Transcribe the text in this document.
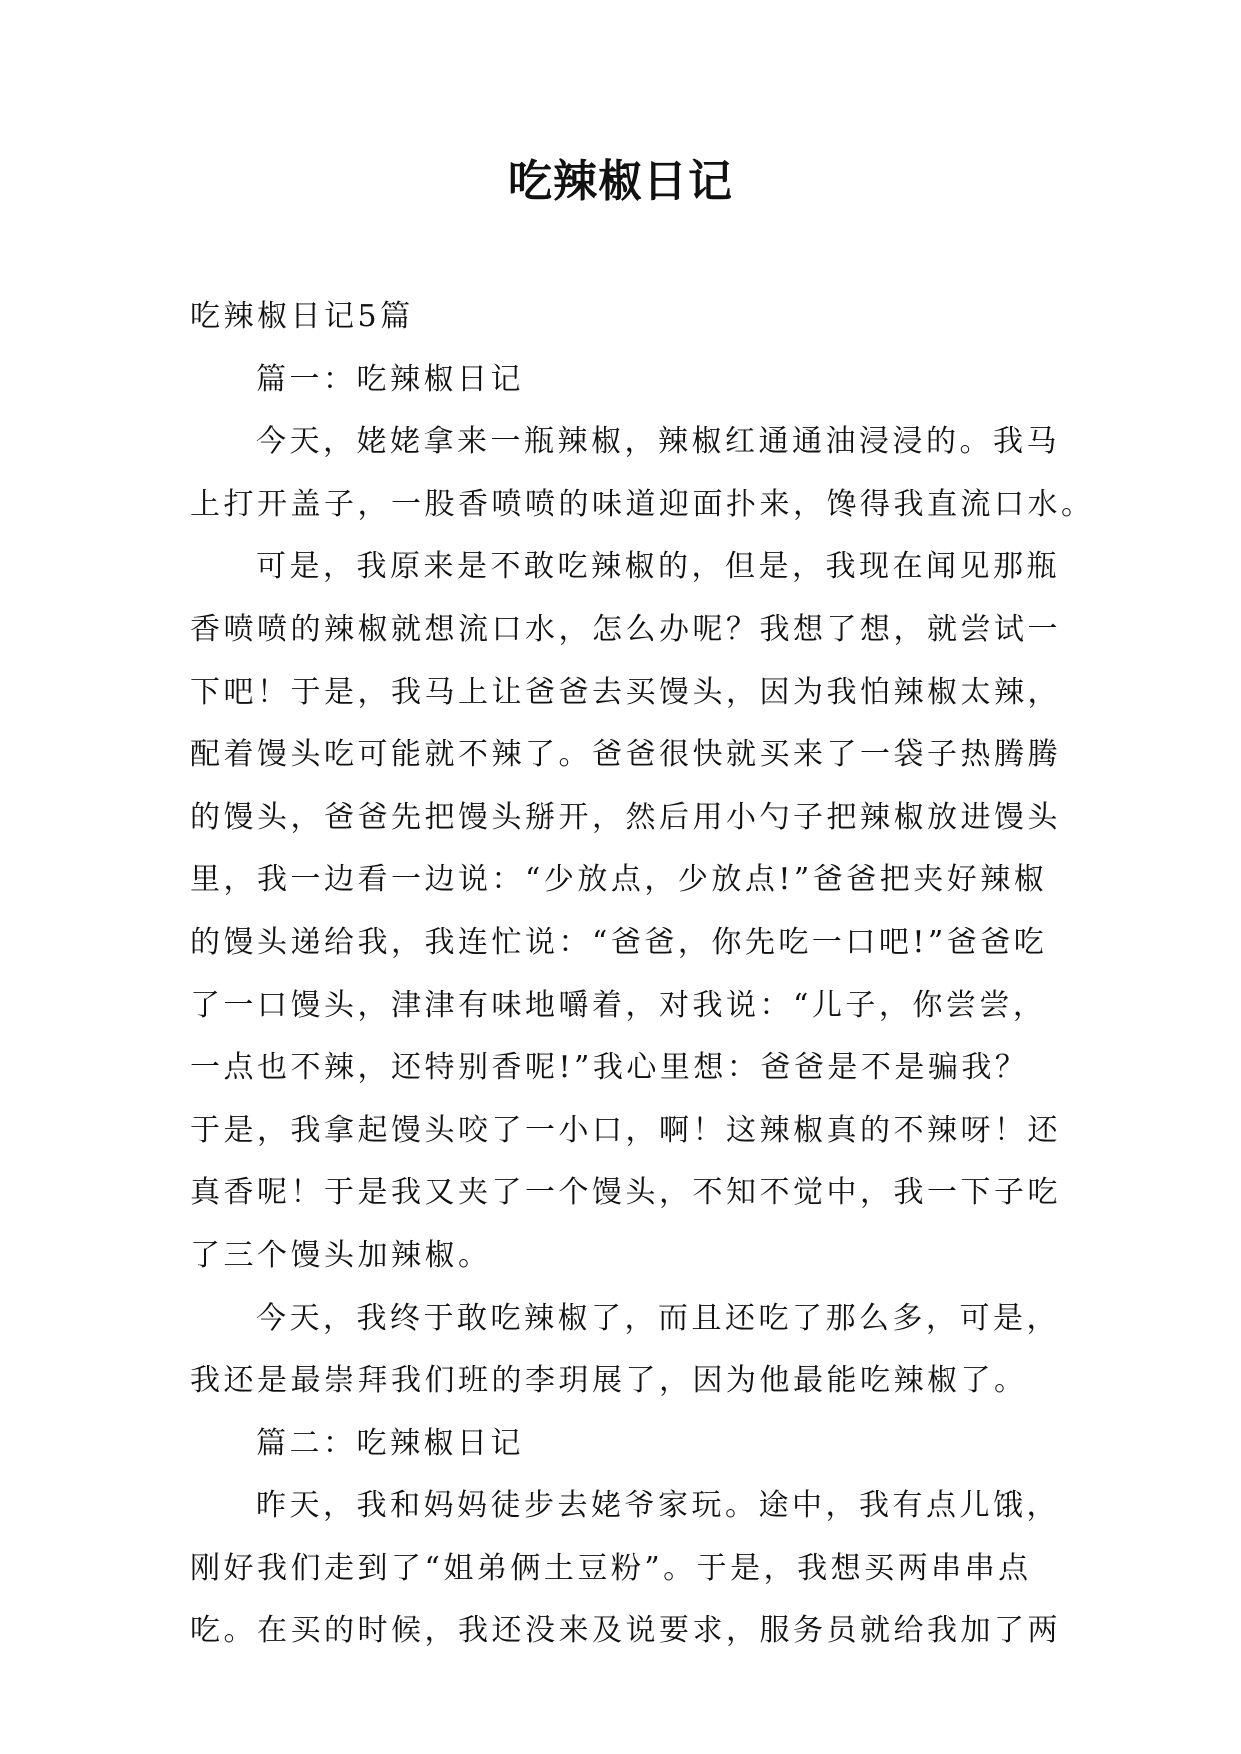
吃辣椒日记
吃辣椒日记5篇
篇一：吃辣椒日记
今天，姥姥拿来一瓶辣椒，辣椒红通通油浸浸的。我马
上打开盖子，一股香喷喷的味道迎面扑来，馋得我直流口水。
可是，我原来是不敢吃辣椒的，但是，我现在闻见那瓶
香喷喷的辣椒就想流口水，怎么办呢？我想了想，就尝试一
下吧！于是，我马上让爸爸去买馒头，因为我怕辣椒太辣，
配着馒头吃可能就不辣了。爸爸很快就买来了一袋子热腾腾
的馒头，爸爸先把馒头掰开，然后用小勺子把辣椒放进馒头
里，我一边看一边说：“少放点，少放点!”爸爸把夹好辣椒
的馒头递给我，我连忙说：“爸爸，你先吃一口吧!”爸爸吃
了一口馒头，津津有味地嚼着，对我说：“儿子，你尝尝，
一点也不辣，还特别香呢!”我心里想：爸爸是不是骗我？
于是，我拿起馒头咬了一小口，啊！这辣椒真的不辣呀！还
真香呢！于是我又夹了一个馒头，不知不觉中，我一下子吃
了三个馒头加辣椒。
今天，我终于敢吃辣椒了，而且还吃了那么多，可是，
我还是最崇拜我们班的李玥展了，因为他最能吃辣椒了。
篇二：吃辣椒日记
昨天，我和妈妈徒步去姥爷家玩。途中，我有点儿饿，
刚好我们走到了“姐弟俩土豆粉”。于是，我想买两串串点
吃。在买的时候，我还没来及说要求，服务员就给我加了两
